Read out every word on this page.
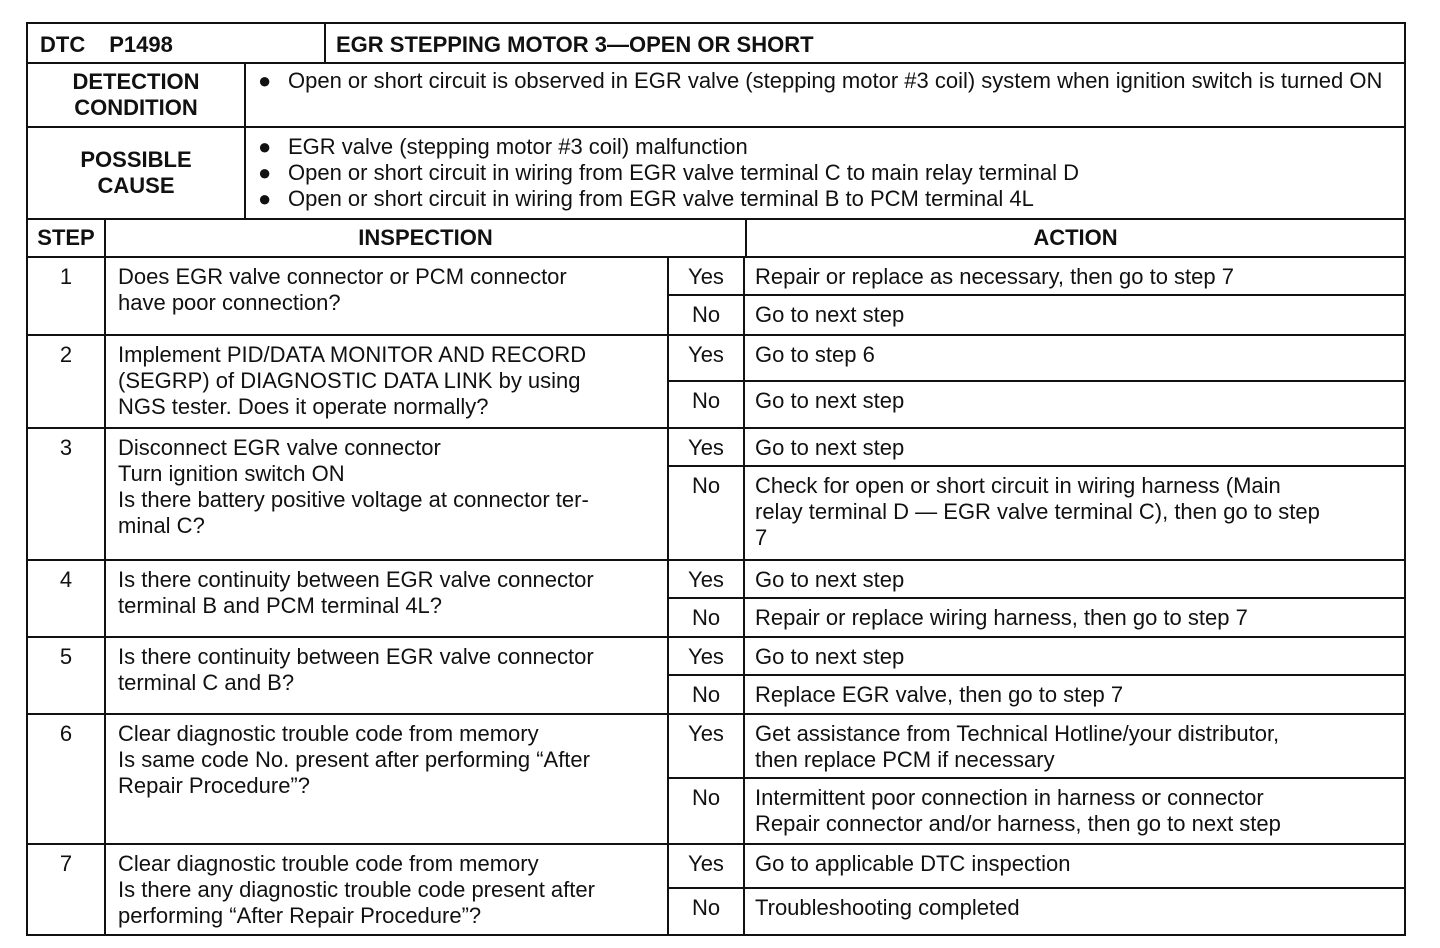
DTC P1498	EGR STEPPING MOTOR 3—OPEN OR SHORT
DETECTION
CONDITION
● Open or short circuit is observed in EGR valve (stepping motor #3 coil) system when ignition switch is turned ON
POSSIBLE
CAUSE
● EGR valve (stepping motor #3 coil) malfunction
● Open or short circuit in wiring from EGR valve terminal C to main relay terminal D
● Open or short circuit in wiring from EGR valve terminal B to PCM terminal 4L
STEP	INSPECTION	ACTION
1	Does EGR valve connector or PCM connector
have poor connection?
Yes	Repair or replace as necessary, then go to step 7
No	Go to next step
2	Implement PID/DATA MONITOR AND RECORD
(SEGRP) of DIAGNOSTIC DATA LINK by using
NGS tester. Does it operate normally?
Yes	Go to step 6
No	Go to next step
3	Disconnect EGR valve connector
Turn ignition switch ON
Is there battery positive voltage at connector ter-
minal C?
Yes	Go to next step
No	Check for open or short circuit in wiring harness (Main
relay terminal D — EGR valve terminal C), then go to step
7
4	Is there continuity between EGR valve connector
terminal B and PCM terminal 4L?
Yes	Go to next step
No	Repair or replace wiring harness, then go to step 7
5	Is there continuity between EGR valve connector
terminal C and B?
Yes	Go to next step
No	Replace EGR valve, then go to step 7
6	Clear diagnostic trouble code from memory
Is same code No. present after performing “After
Repair Procedure”?
Yes	Get assistance from Technical Hotline/your distributor,
then replace PCM if necessary
No	Intermittent poor connection in harness or connector
Repair connector and/or harness, then go to next step
7	Clear diagnostic trouble code from memory
Is there any diagnostic trouble code present after
performing “After Repair Procedure”?
Yes	Go to applicable DTC inspection
No	Troubleshooting completed
